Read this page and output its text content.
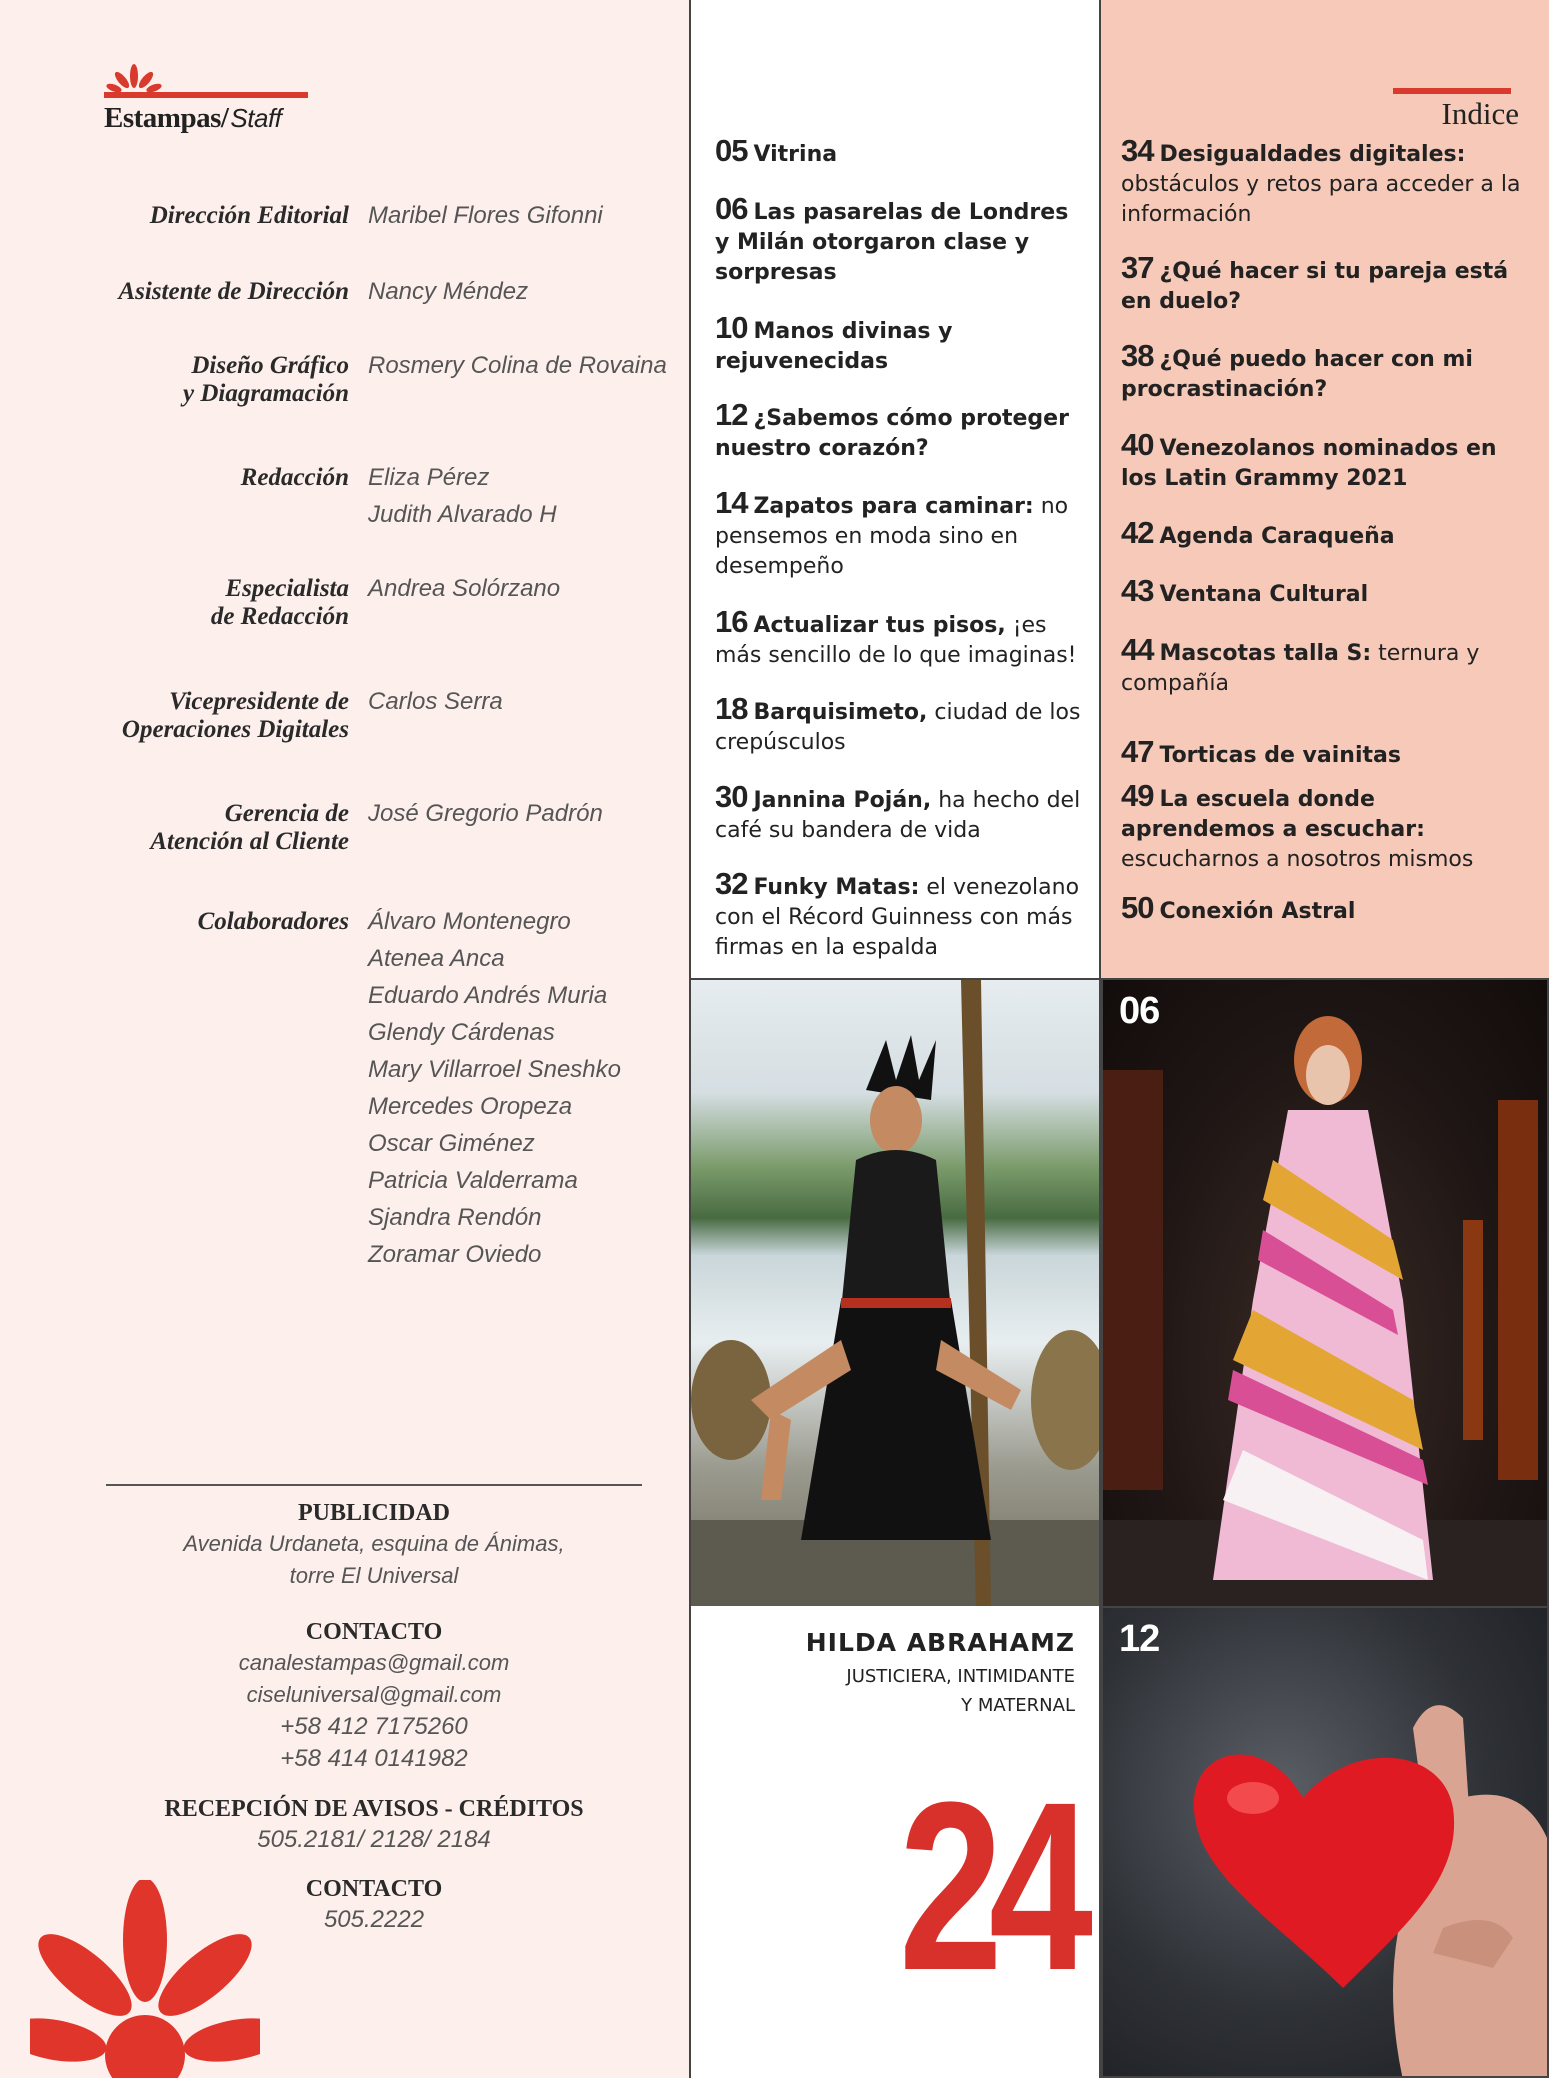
Estampas/Staff
Dirección Editorial Maribel Flores Gifonni
Asistente de Dirección Nancy Méndez
Diseño Gráfico
y Diagramación
Rosmery Colina de Rovaina
Redacción Eliza Pérez
Judith Alvarado H
Especialista
de Redacción
Andrea Solórzano
Vicepresidente de
Operaciones Digitales
Carlos Serra
Gerencia de
Atención al Cliente
José Gregorio Padrón
Colaboradores Álvaro Montenegro
Atenea Anca
Eduardo Andrés Muria
Glendy Cárdenas
Mary Villarroel Sneshko
Mercedes Oropeza
Oscar Giménez
Patricia Valderrama
Sjandra Rendón
Zoramar Oviedo
PUBLICIDAD
Avenida Urdaneta, esquina de Ánimas,
torre El Universal
CONTACTO
canalestampas@gmail.com
ciseluniversal@gmail.com
+58 412 7175260
+58 414 0141982
RECEPCIÓN DE AVISOS - CRÉDITOS
505.2181/ 2128/ 2184
CONTACTO
505.2222
05 Vitrina
06 Las pasarelas de Londres y Milán otorgaron clase y sorpresas
10 Manos divinas y rejuvenecidas
12 ¿Sabemos cómo proteger nuestro corazón?
14 Zapatos para caminar: no pensemos en moda sino en desempeño
16 Actualizar tus pisos, ¡es más sencillo de lo que imaginas!
18 Barquisimeto, ciudad de los crepúsculos
30 Jannina Poján, ha hecho del café su bandera de vida
32 Funky Matas: el venezolano con el Récord Guinness con más firmas en la espalda
Indice
34 Desigualdades digitales: obstáculos y retos para acceder a la información
37 ¿Qué hacer si tu pareja está en duelo?
38 ¿Qué puedo hacer con mi procrastinación?
40 Venezolanos nominados en los Latin Grammy 2021
42 Agenda Caraqueña
43 Ventana Cultural
44 Mascotas talla S: ternura y compañía
47 Torticas de vainitas
49 La escuela donde aprendemos a escuchar: escucharnos a nosotros mismos
50 Conexión Astral
06
HILDA ABRAHAMZ
JUSTICIERA, INTIMIDANTE
Y MATERNAL
24
12
